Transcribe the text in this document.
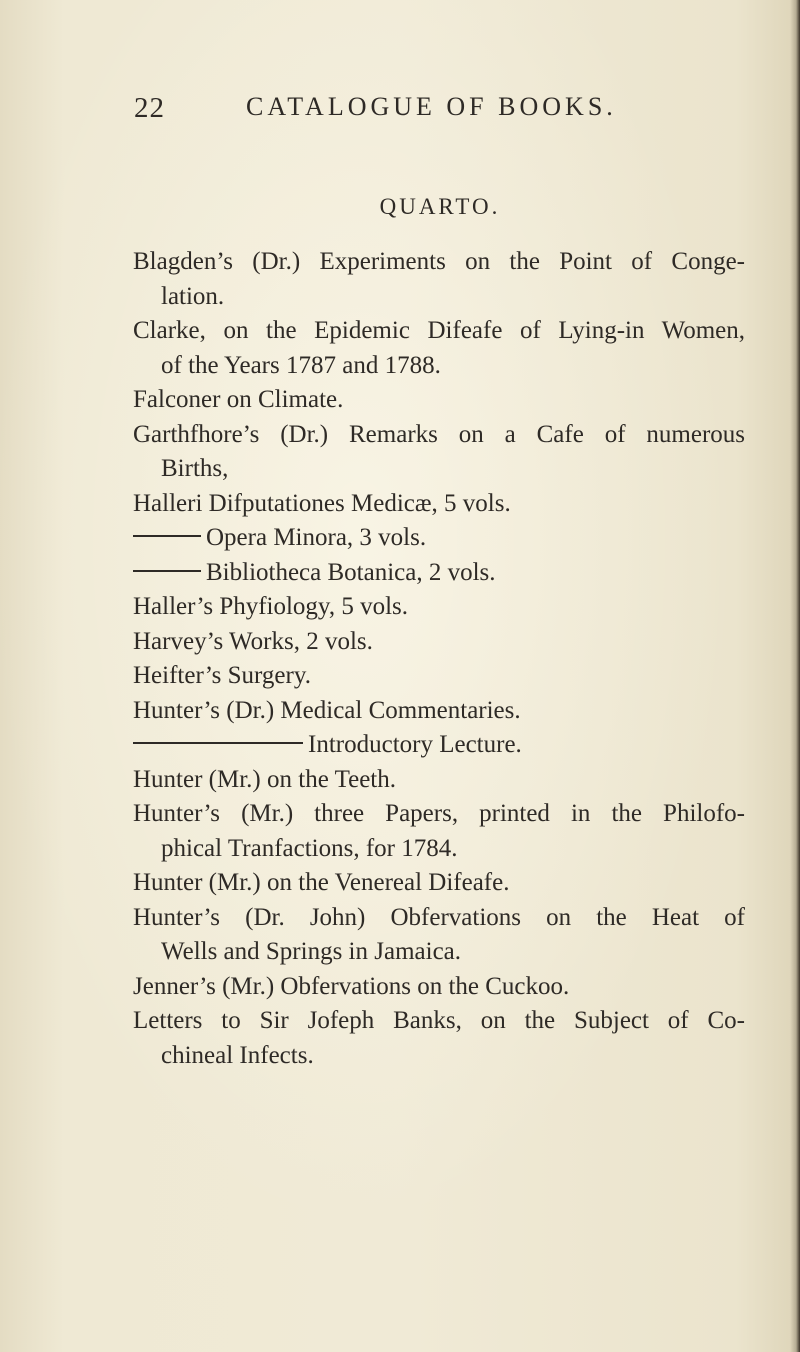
22	CATALOGUE OF BOOKS.
QUARTO.
Blagden’s (Dr.) Experiments on the Point of Conge-
lation.
Clarke, on the Epidemic Difeafe of Lying-in Women,
of the Years 1787 and 1788.
Falconer on Climate.
Garthfhore’s (Dr.) Remarks on a Cafe of numerous
Births,
Halleri Difputationes Medicæ, 5 vols.
Opera Minora, 3 vols.
Bibliotheca Botanica, 2 vols.
Haller’s Phyfiology, 5 vols.
Harvey’s Works, 2 vols.
Heifter’s Surgery.
Hunter’s (Dr.) Medical Commentaries.
Introductory Lecture.
Hunter (Mr.) on the Teeth.
Hunter’s (Mr.) three Papers, printed in the Philofo-
phical Tranfactions, for 1784.
Hunter (Mr.) on the Venereal Difeafe.
Hunter’s (Dr. John) Obfervations on the Heat of
Wells and Springs in Jamaica.
Jenner’s (Mr.) Obfervations on the Cuckoo.
Letters to Sir Jofeph Banks, on the Subject of Co-
chineal Infects.
